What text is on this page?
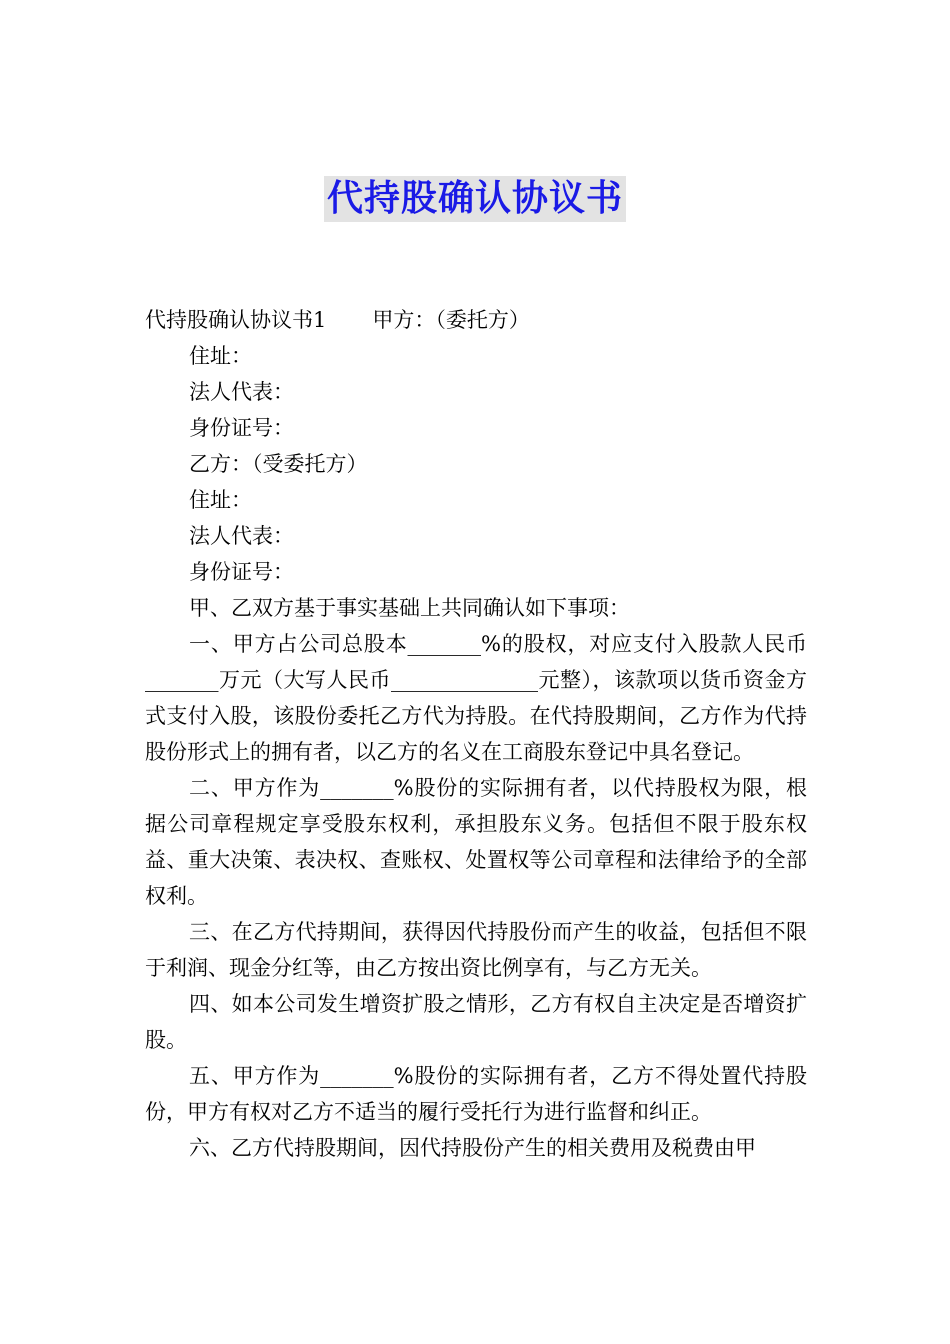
代持股确认协议书
代持股确认协议书1 甲方：（委托方）
住址：
法人代表：
身份证号：
乙方：（受委托方）
住址：
法人代表：
身份证号：

甲、乙双方基于事实基础上共同确认如下事项：

一、甲方占公司总股本_______%的股权，对应支付入股款人民币_______万元（大写人民币______________元整），该款项以货币资金方式支付入股，该股份委托乙方代为持股。在代持股期间，乙方作为代持股份形式上的拥有者，以乙方的名义在工商股东登记中具名登记。

二、甲方作为_______%股份的实际拥有者，以代持股权为限，根据公司章程规定享受股东权利，承担股东义务。包括但不限于股东权益、重大决策、表决权、查账权、处置权等公司章程和法律给予的全部权利。

三、在乙方代持期间，获得因代持股份而产生的收益，包括但不限于利润、现金分红等，由乙方按出资比例享有，与乙方无关。

四、如本公司发生增资扩股之情形，乙方有权自主决定是否增资扩股。

五、甲方作为_______%股份的实际拥有者，乙方不得处置代持股份，甲方有权对乙方不适当的履行受托行为进行监督和纠正。

六、乙方代持股期间，因代持股份产生的相关费用及税费由甲
